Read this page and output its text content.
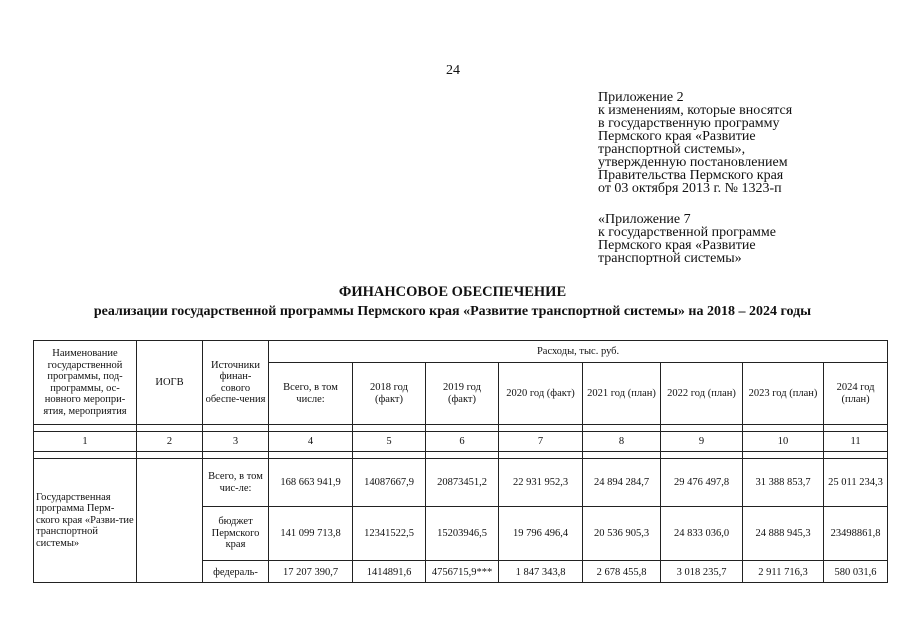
24
Приложение 2
к изменениям, которые вносятся
в государственную программу
Пермского края «Развитие
транспортной системы»,
утвержденную постановлением
Правительства Пермского края
от 03 октября 2013 г. № 1323-п
«Приложение 7
к государственной программе
Пермского края «Развитие
транспортной системы»
ФИНАНСОВОЕ ОБЕСПЕЧЕНИЕ
реализации государственной программы Пермского края «Развитие транспортной системы» на 2018 – 2024 годы
Наименование государственной программы, под-программы, ос-новного меропри-ятия, мероприятия	ИОГВ	Источники финан-сового обеспе-чения	Расходы, тыс. руб.							
			Всего, в том числе:	2018 год (факт)	2019 год (факт)	2020 год (факт)	2021 год (план)	2022 год (план)	2023 год (план)	2024 год (план)

1	2	3	4	5	6	7	8	9	10	11

Государственная программа Перм-ского края «Разви-тие транспортной системы»		Всего, в том чис-ле:	168 663 941,9	14087667,9	20873451,2	22 931 952,3	24 894 284,7	29 476 497,8	31 388 853,7	25 011 234,3
		бюджет Пермского края	141 099 713,8	12341522,5	15203946,5	19 796 496,4	20 536 905,3	24 833 036,0	24 888 945,3	23498861,8
		федераль-	17 207 390,7	1414891,6	4756715,9***	1 847 343,8	2 678 455,8	3 018 235,7	2 911 716,3	580 031,6
